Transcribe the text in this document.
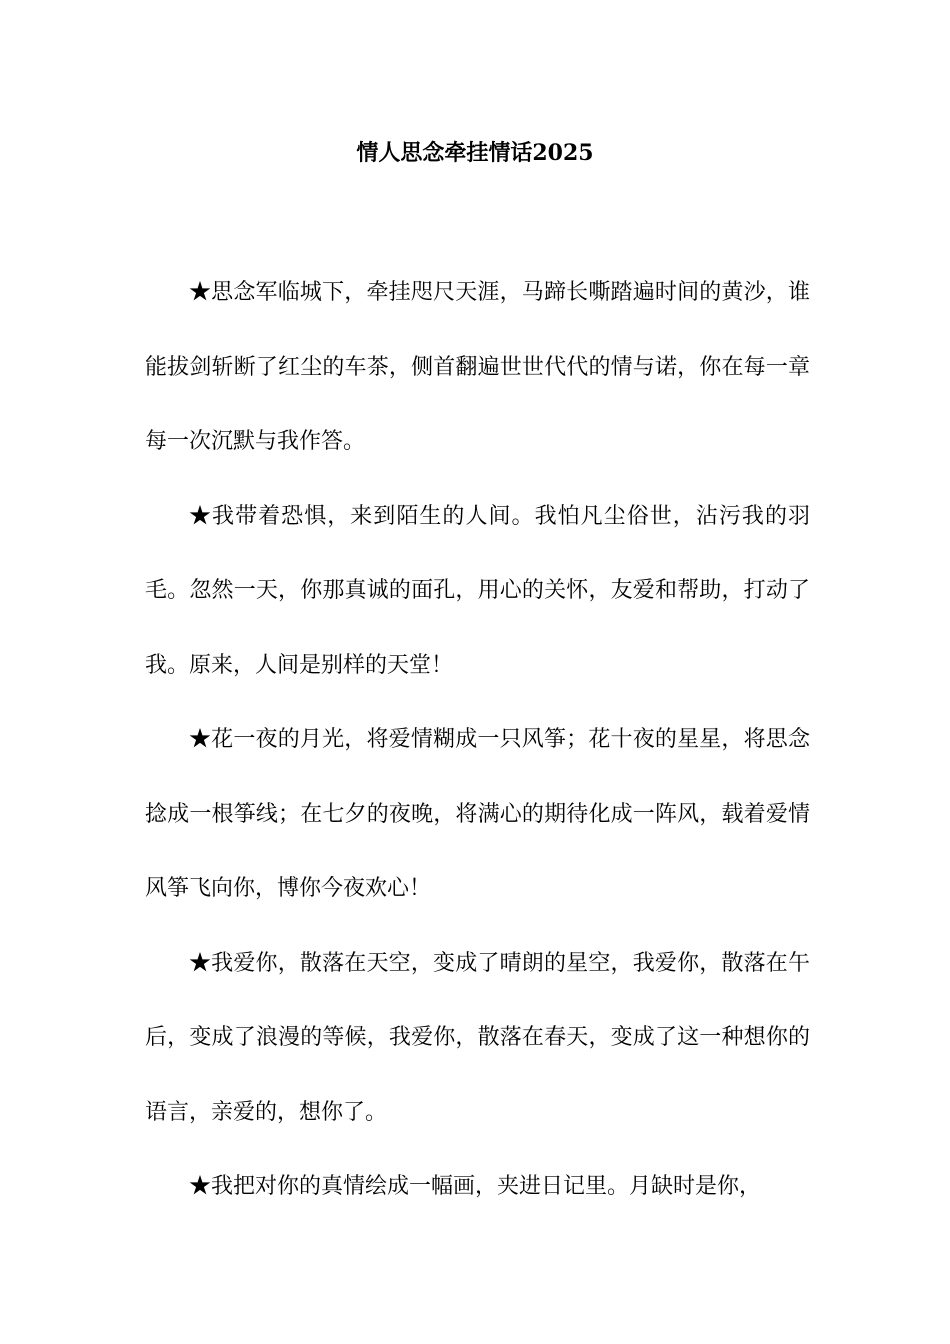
情人思念牵挂情话2025

★思念军临城下，牵挂咫尺天涯，马蹄长嘶踏遍时间的黄沙，谁能拔剑斩断了红尘的车茶，侧首翻遍世世代代的情与诺，你在每一章每一次沉默与我作答。

★我带着恐惧，来到陌生的人间。我怕凡尘俗世，沾污我的羽毛。忽然一天，你那真诚的面孔，用心的关怀，友爱和帮助，打动了我。原来，人间是别样的天堂！

★花一夜的月光，将爱情糊成一只风筝；花十夜的星星，将思念捻成一根筝线；在七夕的夜晚，将满心的期待化成一阵风，载着爱情风筝飞向你，博你今夜欢心！

★我爱你，散落在天空，变成了晴朗的星空，我爱你，散落在午后，变成了浪漫的等候，我爱你，散落在春天，变成了这一种想你的语言，亲爱的，想你了。

★我把对你的真情绘成一幅画，夹进日记里。月缺时是你，
